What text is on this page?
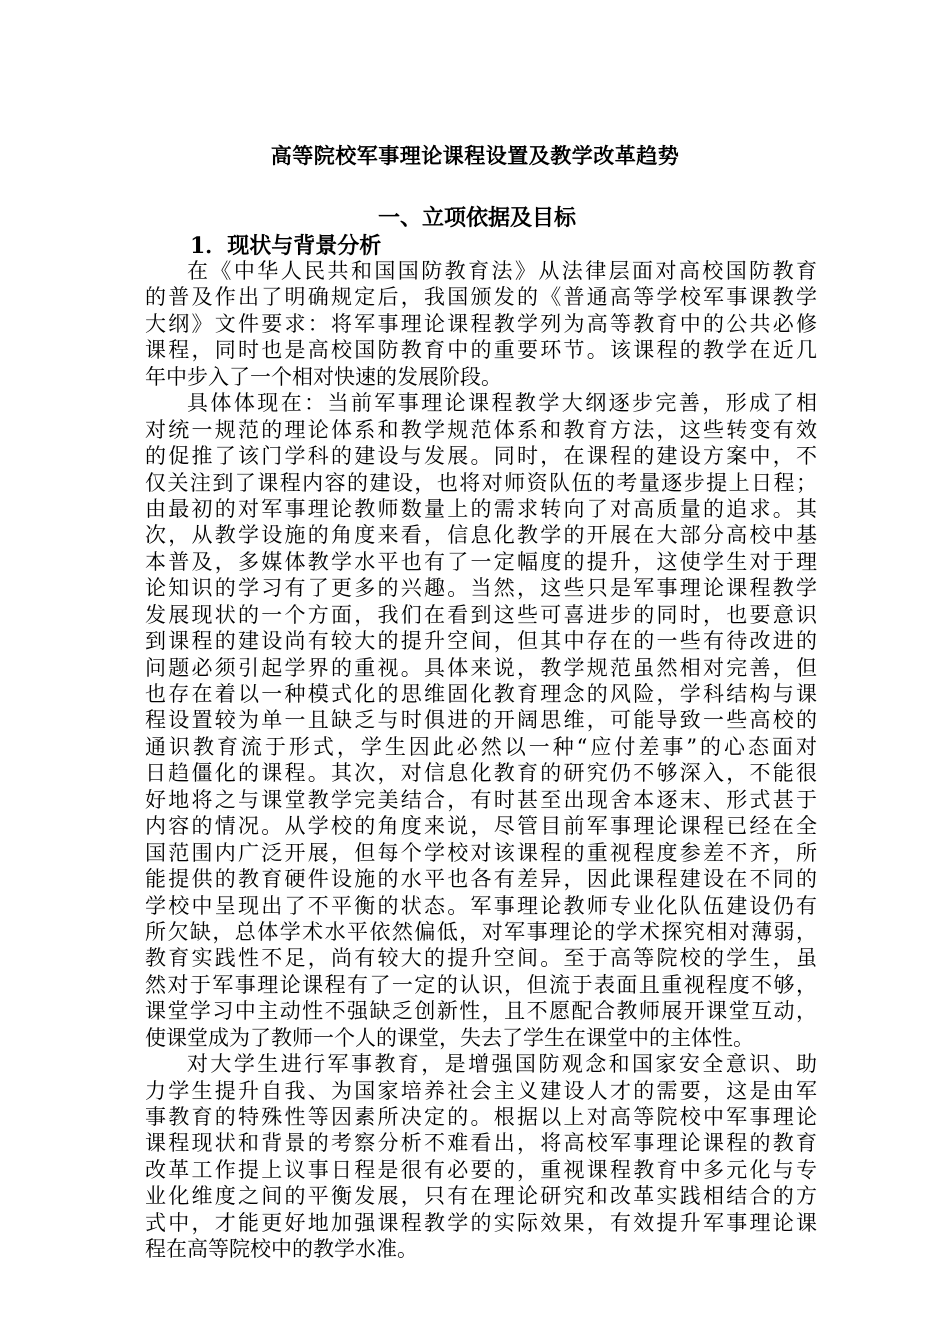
高等院校军事理论课程设置及教学改革趋势
一、立项依据及目标
1．现状与背景分析
在《中华人民共和国国防教育法》从法律层面对高校国防教育
的普及作出了明确规定后，我国颁发的《普通高等学校军事课教学
大纲》文件要求：将军事理论课程教学列为高等教育中的公共必修
课程，同时也是高校国防教育中的重要环节。该课程的教学在近几
年中步入了一个相对快速的发展阶段。
具体体现在：当前军事理论课程教学大纲逐步完善，形成了相
对统一规范的理论体系和教学规范体系和教育方法，这些转变有效
的促推了该门学科的建设与发展。同时，在课程的建设方案中，不
仅关注到了课程内容的建设，也将对师资队伍的考量逐步提上日程；
由最初的对军事理论教师数量上的需求转向了对高质量的追求。其
次，从教学设施的角度来看，信息化教学的开展在大部分高校中基
本普及，多媒体教学水平也有了一定幅度的提升，这使学生对于理
论知识的学习有了更多的兴趣。当然，这些只是军事理论课程教学
发展现状的一个方面，我们在看到这些可喜进步的同时，也要意识
到课程的建设尚有较大的提升空间，但其中存在的一些有待改进的
问题必须引起学界的重视。具体来说，教学规范虽然相对完善，但
也存在着以一种模式化的思维固化教育理念的风险，学科结构与课
程设置较为单一且缺乏与时俱进的开阔思维，可能导致一些高校的
通识教育流于形式，学生因此必然以一种“应付差事”的心态面对
日趋僵化的课程。其次，对信息化教育的研究仍不够深入，不能很
好地将之与课堂教学完美结合，有时甚至出现舍本逐末、形式甚于
内容的情况。从学校的角度来说，尽管目前军事理论课程已经在全
国范围内广泛开展，但每个学校对该课程的重视程度参差不齐，所
能提供的教育硬件设施的水平也各有差异，因此课程建设在不同的
学校中呈现出了不平衡的状态。军事理论教师专业化队伍建设仍有
所欠缺，总体学术水平依然偏低，对军事理论的学术探究相对薄弱，
教育实践性不足，尚有较大的提升空间。至于高等院校的学生，虽
然对于军事理论课程有了一定的认识，但流于表面且重视程度不够，
课堂学习中主动性不强缺乏创新性，且不愿配合教师展开课堂互动，
使课堂成为了教师一个人的课堂，失去了学生在课堂中的主体性。
对大学生进行军事教育，是增强国防观念和国家安全意识、助
力学生提升自我、为国家培养社会主义建设人才的需要，这是由军
事教育的特殊性等因素所决定的。根据以上对高等院校中军事理论
课程现状和背景的考察分析不难看出，将高校军事理论课程的教育
改革工作提上议事日程是很有必要的，重视课程教育中多元化与专
业化维度之间的平衡发展，只有在理论研究和改革实践相结合的方
式中，才能更好地加强课程教学的实际效果，有效提升军事理论课
程在高等院校中的教学水准。
